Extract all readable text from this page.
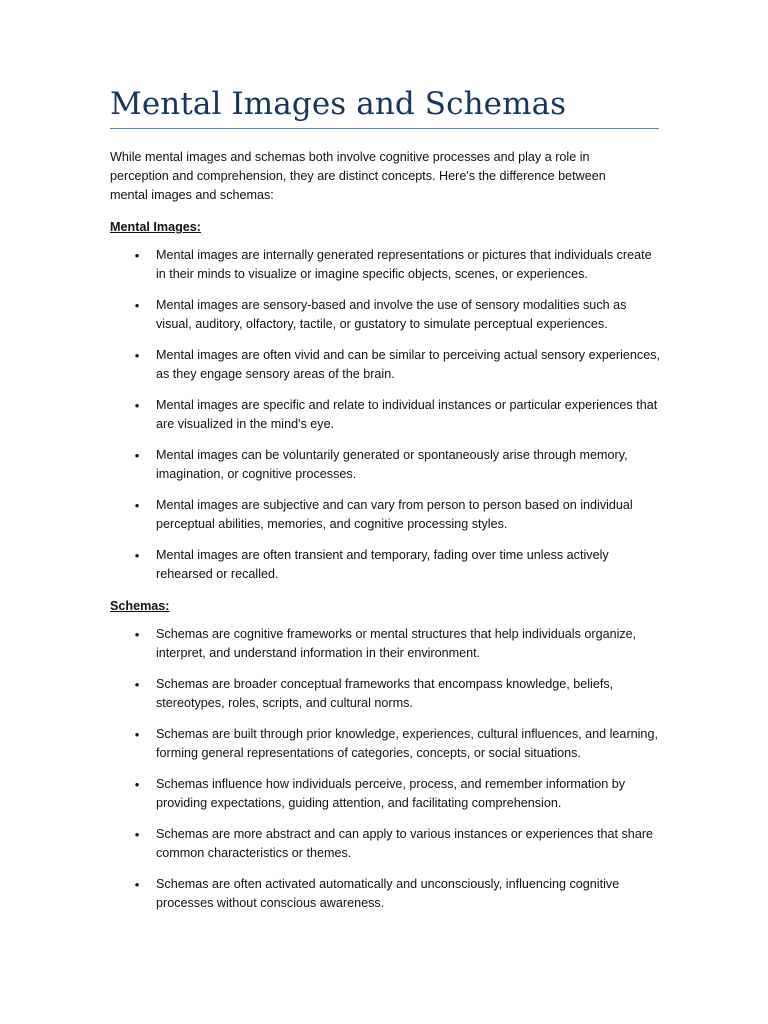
Mental Images and Schemas

While mental images and schemas both involve cognitive processes and play a role in perception and comprehension, they are distinct concepts. Here's the difference between mental images and schemas:

Mental Images:
• Mental images are internally generated representations or pictures that individuals create in their minds to visualize or imagine specific objects, scenes, or experiences.
• Mental images are sensory-based and involve the use of sensory modalities such as visual, auditory, olfactory, tactile, or gustatory to simulate perceptual experiences.
• Mental images are often vivid and can be similar to perceiving actual sensory experiences, as they engage sensory areas of the brain.
• Mental images are specific and relate to individual instances or particular experiences that are visualized in the mind's eye.
• Mental images can be voluntarily generated or spontaneously arise through memory, imagination, or cognitive processes.
• Mental images are subjective and can vary from person to person based on individual perceptual abilities, memories, and cognitive processing styles.
• Mental images are often transient and temporary, fading over time unless actively rehearsed or recalled.
Schemas:
• Schemas are cognitive frameworks or mental structures that help individuals organize, interpret, and understand information in their environment.
• Schemas are broader conceptual frameworks that encompass knowledge, beliefs, stereotypes, roles, scripts, and cultural norms.
• Schemas are built through prior knowledge, experiences, cultural influences, and learning, forming general representations of categories, concepts, or social situations.
• Schemas influence how individuals perceive, process, and remember information by providing expectations, guiding attention, and facilitating comprehension.
• Schemas are more abstract and can apply to various instances or experiences that share common characteristics or themes.
• Schemas are often activated automatically and unconsciously, influencing cognitive processes without conscious awareness.
